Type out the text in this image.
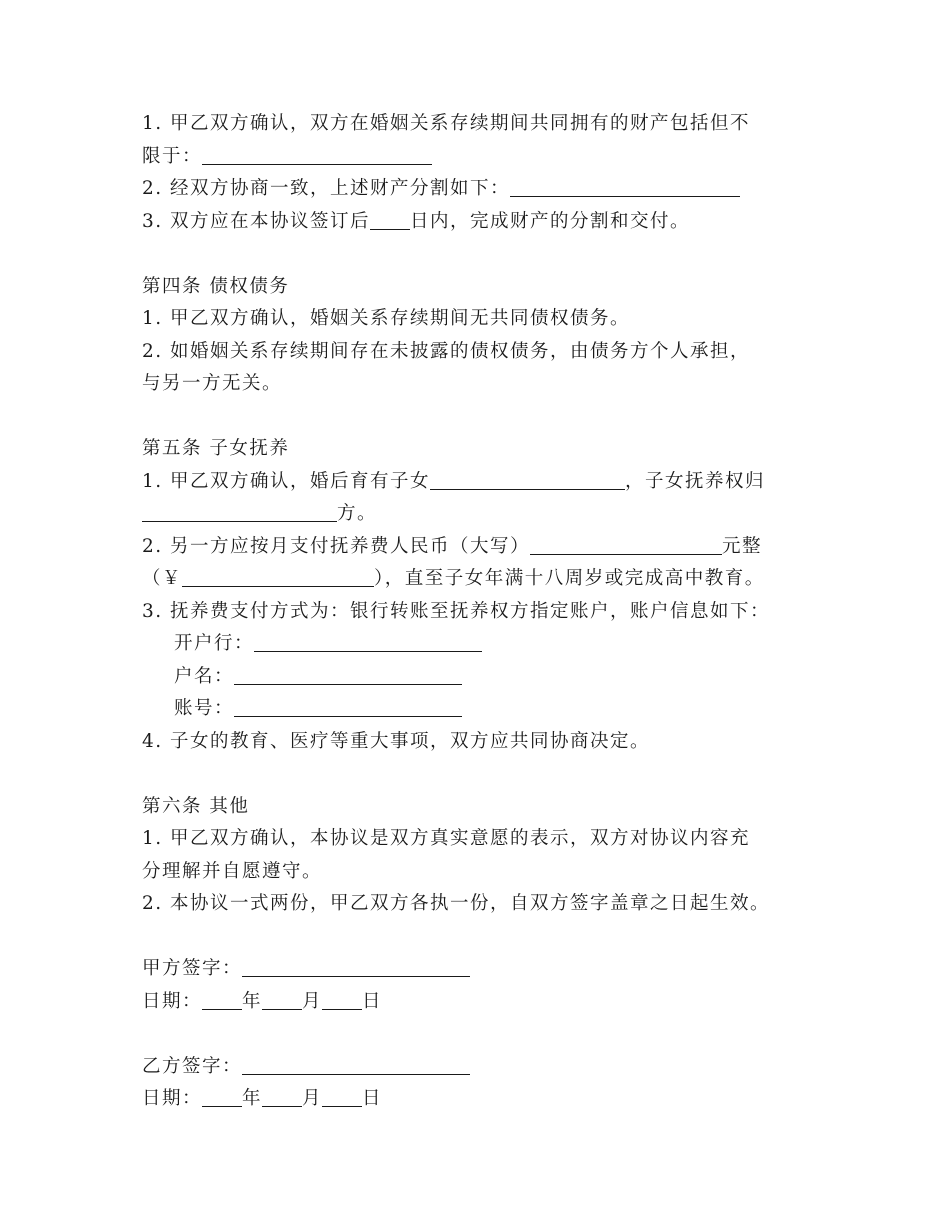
1. 甲乙双方确认，双方在婚姻关系存续期间共同拥有的财产包括但不
限于：
2. 经双方协商一致，上述财产分割如下：
3. 双方应在本协议签订后 日内，完成财产的分割和交付。
第四条 债权债务
1. 甲乙双方确认，婚姻关系存续期间无共同债权债务。
2. 如婚姻关系存续期间存在未披露的债权债务，由债务方个人承担，
与另一方无关。
第五条 子女抚养
1. 甲乙双方确认，婚后育有子女	，子女抚养权归
方。
2. 另一方应按月支付抚养费人民币（大写）	元整
（￥	），直至子女年满十八周岁或完成高中教育。
3. 抚养费支付方式为：银行转账至抚养权方指定账户，账户信息如下：
开户行：
户名：
账号：
4. 子女的教育、医疗等重大事项，双方应共同协商决定。
第六条 其他
1. 甲乙双方确认，本协议是双方真实意愿的表示，双方对协议内容充
分理解并自愿遵守。
2. 本协议一式两份，甲乙双方各执一份，自双方签字盖章之日起生效。
甲方签字：
日期： 年 月 日
乙方签字：
日期： 年 月 日
